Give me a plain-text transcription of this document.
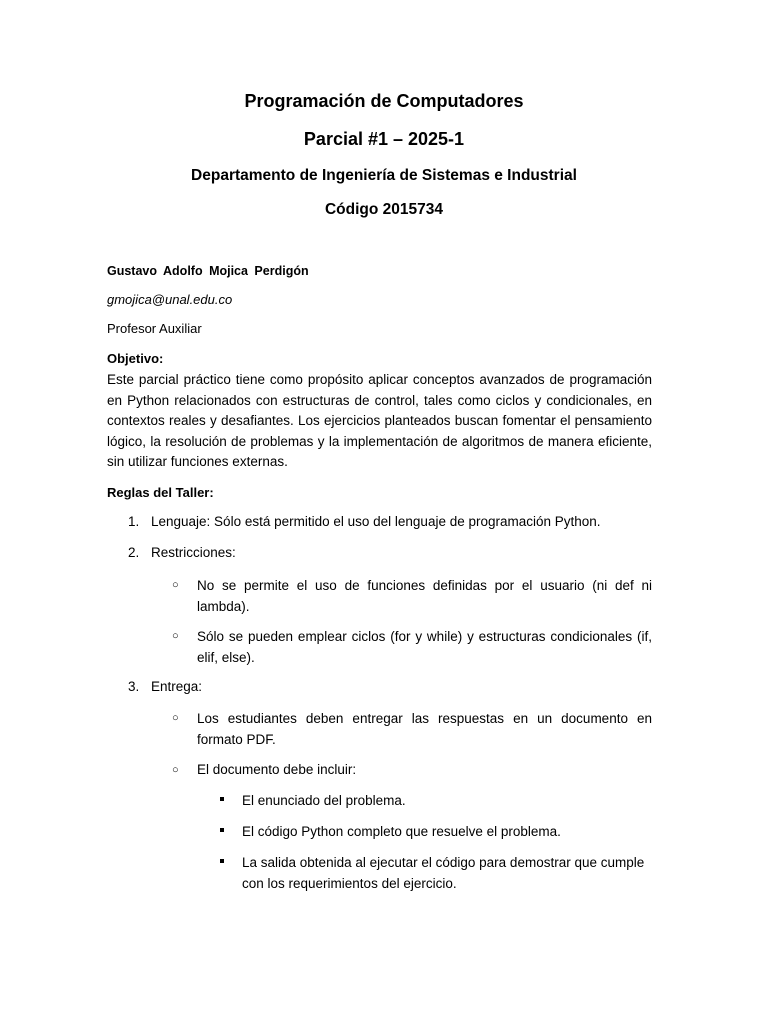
Programación de Computadores
Parcial #1 – 2025-1
Departamento de Ingeniería de Sistemas e Industrial
Código 2015734
Gustavo Adolfo Mojica Perdigón
gmojica@unal.edu.co
Profesor Auxiliar
Objetivo:

Este parcial práctico tiene como propósito aplicar conceptos avanzados de programación en Python relacionados con estructuras de control, tales como ciclos y condicionales, en contextos reales y desafiantes. Los ejercicios planteados buscan fomentar el pensamiento lógico, la resolución de problemas y la implementación de algoritmos de manera eficiente, sin utilizar funciones externas.

Reglas del Taller:
1. Lenguaje: Sólo está permitido el uso del lenguaje de programación Python.
2. Restricciones:
○ No se permite el uso de funciones definidas por el usuario (ni def ni lambda).

○ Sólo se pueden emplear ciclos (for y while) y estructuras condicionales (if, elif, else).

3. Entrega:
○ Los estudiantes deben entregar las respuestas en un documento en formato PDF.

○ El documento debe incluir:

El enunciado del problema.

El código Python completo que resuelve el problema.

La salida obtenida al ejecutar el código para demostrar que cumple con los requerimientos del ejercicio.
